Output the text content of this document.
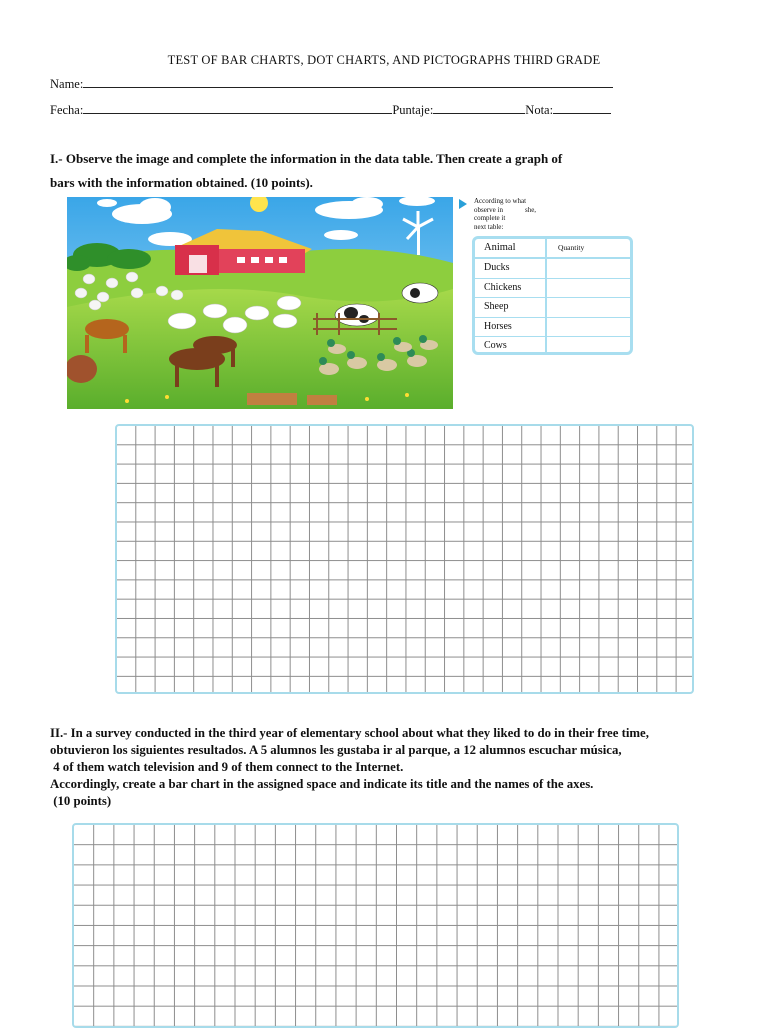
TEST OF BAR CHARTS, DOT CHARTS, AND PICTOGRAPHS THIRD GRADE
Name:
Fecha:	Puntaje:	Nota:
I.- Observe the image and complete the information in the data table. Then create a graph of
bars with the information obtained. (10 points).
According to what
observe in	she,
complete it
next table:
Animal	Quantity
Ducks
Chickens
Sheep
Horses
Cows
II.- In a survey conducted in the third year of elementary school about what they liked to do in their free time,
obtuvieron los siguientes resultados. A 5 alumnos les gustaba ir al parque, a 12 alumnos escuchar música,
4 of them watch television and 9 of them connect to the Internet.
Accordingly, create a bar chart in the assigned space and indicate its title and the names of the axes.
(10 points)
